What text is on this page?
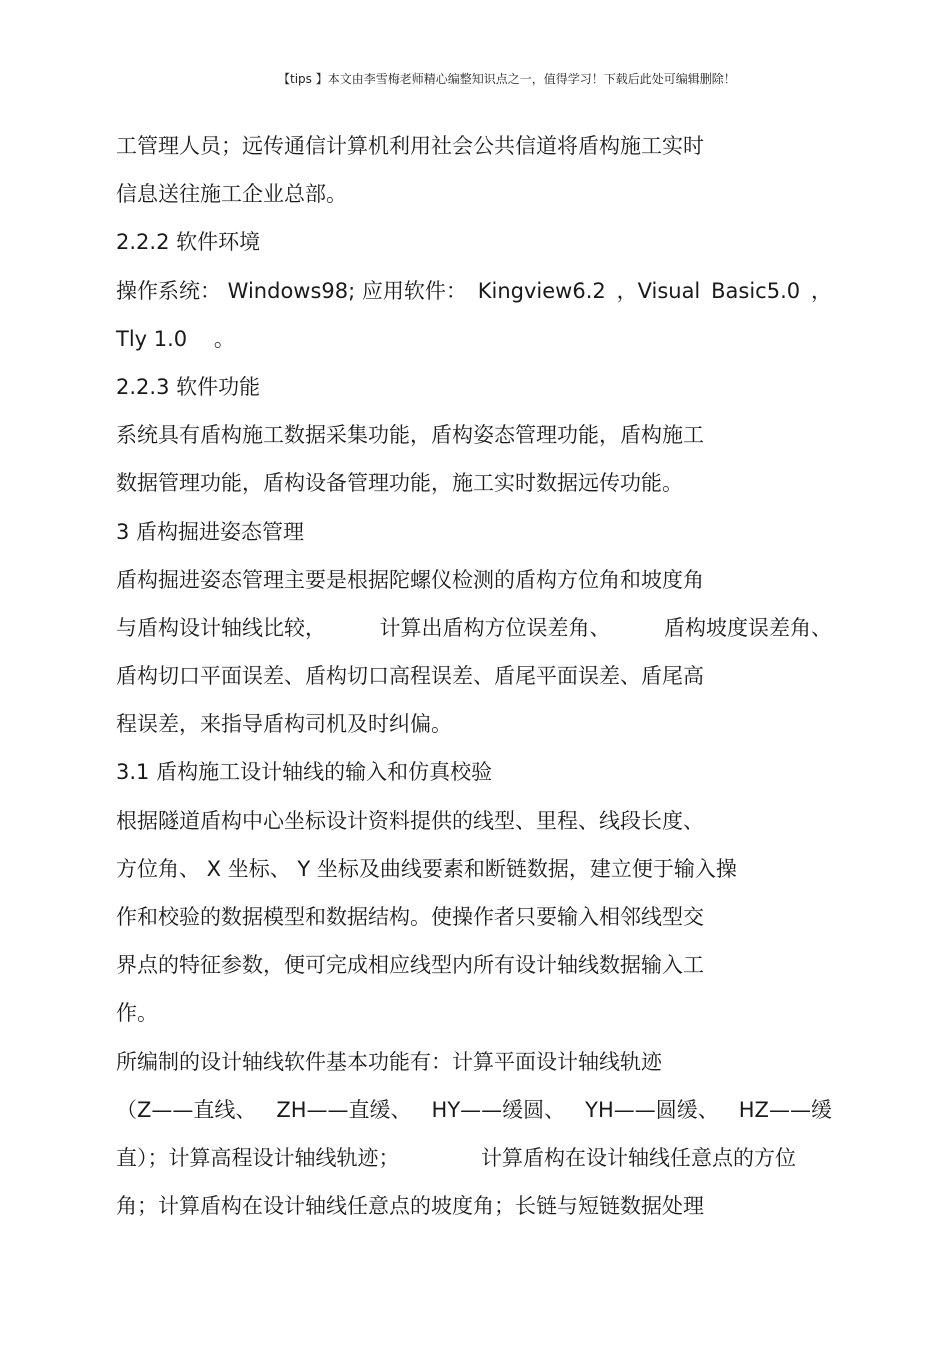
【tips 】本文由李雪梅老师精心编整知识点之一，值得学习！下载后此处可编辑删除！
工管理人员；远传通信计算机利用社会公共信道将盾构施工实时
信息送往施工企业总部。
2.2.2 软件环境
操作系统： Windows98; 应用软件： Kingview6.2 ，Visual Basic5.0 ，
Tly 1.0    。
2.2.3 软件功能
系统具有盾构施工数据采集功能，盾构姿态管理功能，盾构施工
数据管理功能，盾构设备管理功能，施工实时数据远传功能。
3 盾构掘进姿态管理
盾构掘进姿态管理主要是根据陀螺仪检测的盾构方位角和坡度角
与盾构设计轴线比较，	计算出盾构方位误差角、	盾构坡度误差角、
盾构切口平面误差、盾构切口高程误差、盾尾平面误差、盾尾高
程误差，来指导盾构司机及时纠偏。
3.1 盾构施工设计轴线的输入和仿真校验
根据隧道盾构中心坐标设计资料提供的线型、里程、线段长度、
方位角、 X 坐标、 Y 坐标及曲线要素和断链数据，建立便于输入操
作和校验的数据模型和数据结构。使操作者只要输入相邻线型交
界点的特征参数，便可完成相应线型内所有设计轴线数据输入工
作。
所编制的设计轴线软件基本功能有：计算平面设计轴线轨迹
（Z——直线、 ZH——直缓、 HY——缓圆、 YH——圆缓、 HZ——缓
直）；计算高程设计轴线轨迹；	计算盾构在设计轴线任意点的方位
角；计算盾构在设计轴线任意点的坡度角；长链与短链数据处理
